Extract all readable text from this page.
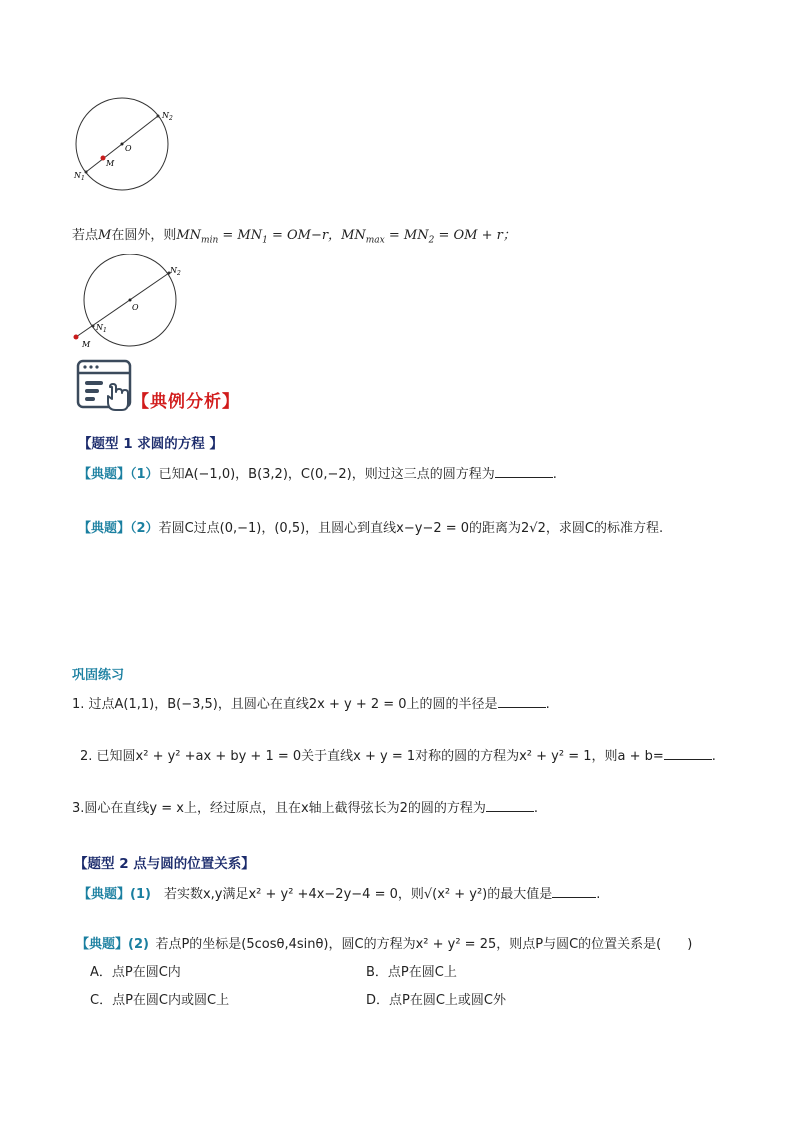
$N_2$
O
M
$N_1$
若点M在圆外，则$MN_{min} = MN_1 = OM-r$，$MN_{max} = MN_2$ = OM + r；
$N_2$
O
$N_1$
M
【典例分析】
【题型 1 求圆的方程 】
【典题】（1）已知A(−1,0)，B(3,2)，C(0,−2)，则过这三点的圆方程为	.
【典题】（2）若圆C过点(0,−1)，(0,5)，且圆心到直线x−y−2 = 0的距离为2√2，求圆C的标准方程.
巩固练习
1. 过点A(1,1)，B(−3,5)，且圆心在直线2x + y + 2 = 0上的圆的半径是	.
2. 已知圆x² + y² +ax + by + 1 = 0关于直线x + y = 1对称的圆的方程为x² + y² = 1，则a + b=	.
3.圆心在直线y = x上，经过原点，且在x轴上截得弦长为2的圆的方程为	.
【题型 2 点与圆的位置关系】
【典题】(1)  若实数x,y满足x² + y² +4x−2y−4 = 0，则√(x² + y²)的最大值是	.
【典题】(2)  若点P的坐标是(5cosθ,4sinθ)，圆C的方程为x² + y² = 25，则点P与圆C的位置关系是(　　)
A．点P在圆C内	B．点P在圆C上
C．点P在圆C内或圆C上	D．点P在圆C上或圆C外
